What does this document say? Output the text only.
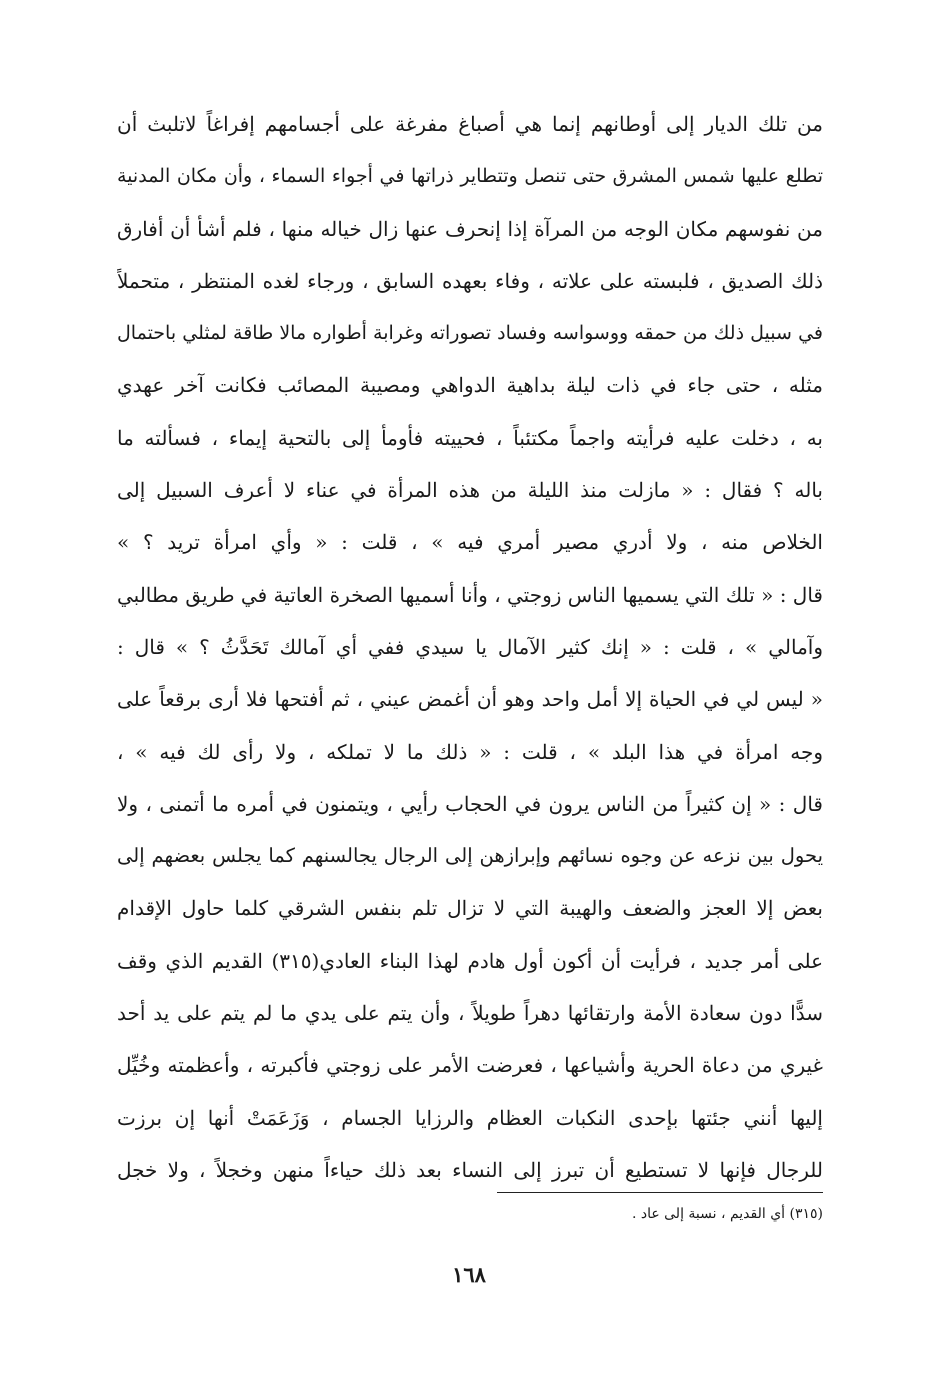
من تلك الديار إلى أوطانهم إنما هي أصباغ مفرغة على أجسامهم إفراغاً لاتلبث أن
تطلع عليها شمس المشرق حتى تنصل وتتطاير ذراتها في أجواء السماء ، وأن مكان المدنية
من نفوسهم مكان الوجه من المرآة إذا إنحرف عنها زال خياله منها ، فلم أشأ أن أفارق
ذلك الصديق ، فلبسته على علاته ، وفاء بعهده السابق ، ورجاء لغده المنتظر ، متحملاً
في سبيل ذلك من حمقه ووسواسه وفساد تصوراته وغرابة أطواره مالا طاقة لمثلي باحتمال
مثله ، حتى جاء في ذات ليلة بداهية الدواهي ومصيبة المصائب فكانت آخر عهدي
به ، دخلت عليه فرأيته واجماً مكتئباً ، فحييته فأومأ إلى بالتحية إيماء ، فسألته ما
باله ؟ فقال : « مازلت منذ الليلة من هذه المرأة في عناء لا أعرف السبيل إلى
الخلاص منه ، ولا أدري مصير أمري فيه » ، قلت : « وأي امرأة تريد ؟ »
قال : « تلك التي يسميها الناس زوجتي ، وأنا أسميها الصخرة العاتية في طريق مطالبي
وآمالي » ، قلت : « إنك كثير الآمال يا سيدي ففي أي آمالك تَحَدَّثُ ؟ » قال :
« ليس لي في الحياة إلا أمل واحد وهو أن أغمض عيني ، ثم أفتحها فلا أرى برقعاً على
وجه امرأة في هذا البلد » ، قلت : « ذلك ما لا تملكه ، ولا رأى لك فيه » ،
قال : « إن كثيراً من الناس يرون في الحجاب رأيي ، ويتمنون في أمره ما أتمنى ، ولا
يحول بين نزعه عن وجوه نسائهم وإبرازهن إلى الرجال يجالسنهم كما يجلس بعضهم إلى
بعض إلا العجز والضعف والهيبة التي لا تزال تلم بنفس الشرقي كلما حاول الإقدام
على أمر جديد ، فرأيت أن أكون أول هادم لهذا البناء العادي(٣١٥) القديم الذي وقف
سدًّا دون سعادة الأمة وارتقائها دهراً طويلاً ، وأن يتم على يدي ما لم يتم على يد أحد
غيري من دعاة الحرية وأشياعها ، فعرضت الأمر على زوجتي فأكبرته ، وأعظمته وخُيِّل
إليها أنني جئتها بإحدى النكبات العظام والرزايا الجسام ، وَزَعَمَتْ أنها إن برزت
للرجال فإنها لا تستطيع أن تبرز إلى النساء بعد ذلك حياءاً منهن وخجلاً ، ولا خجل
(٣١٥) أي القديم ، نسبة إلى عاد .
١٦٨
